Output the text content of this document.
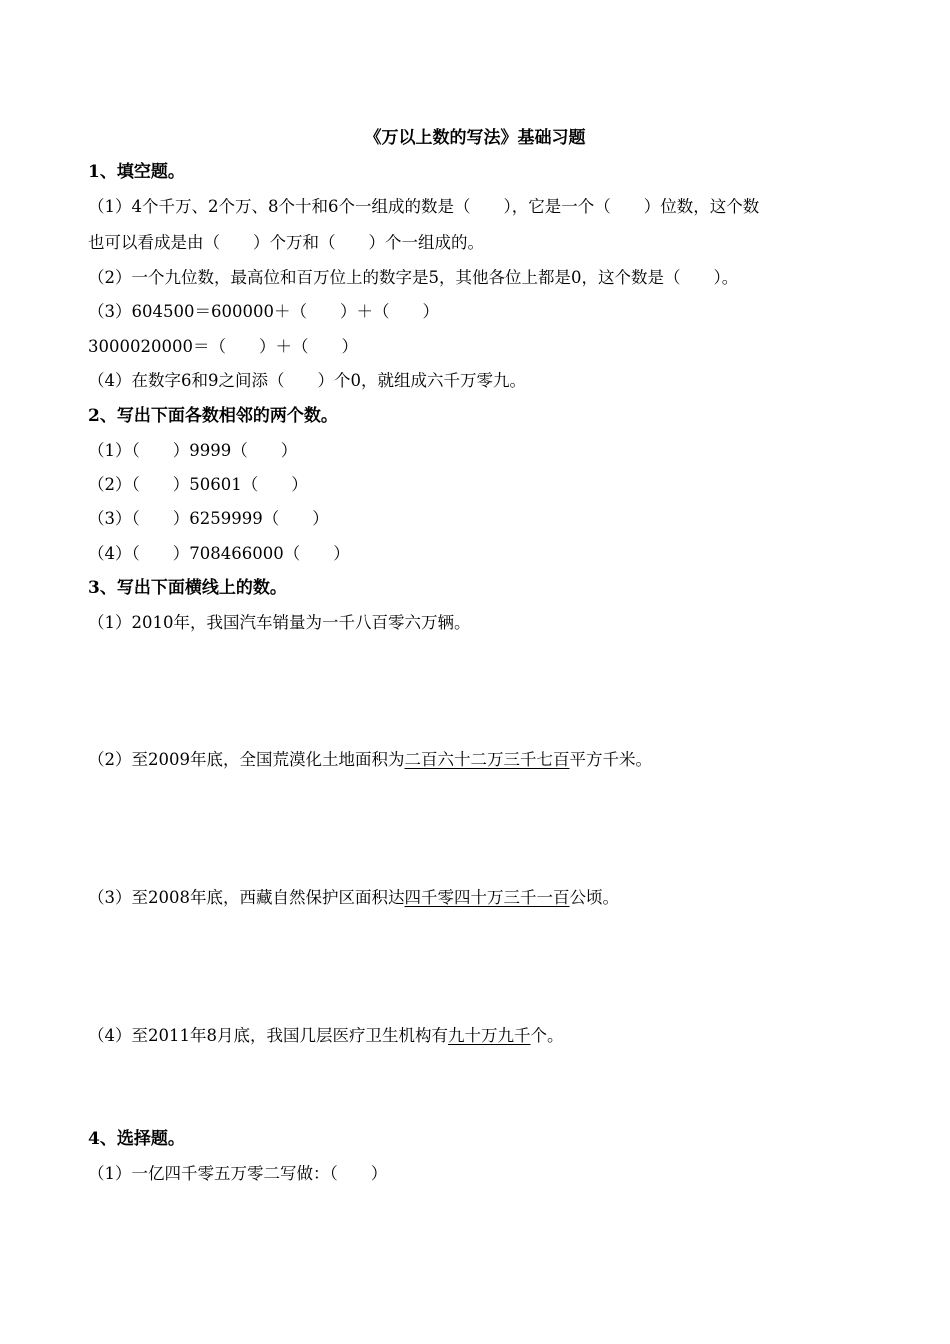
《万以上数的写法》基础习题
1、填空题。
（1）4个千万、2个万、8个十和6个一组成的数是（　　），它是一个（　　）位数，这个数
也可以看成是由（　　）个万和（　　）个一组成的。
（2）一个九位数，最高位和百万位上的数字是5，其他各位上都是0，这个数是（　　）。
（3）604500＝600000＋（　　）＋（　　）
3000020000＝（　　）＋（　　）
（4）在数字6和9之间添（　　）个0，就组成六千万零九。
2、写出下面各数相邻的两个数。
（1）（　　）9999（　　）
（2）（　　）50601（　　）
（3）（　　）6259999（　　）
（4）（　　）708466000（　　）
3、写出下面横线上的数。
（1）2010年，我国汽车销量为一千八百零六万辆。
（2）至2009年底，全国荒漠化土地面积为二百六十二万三千七百平方千米。
（3）至2008年底，西藏自然保护区面积达四千零四十万三千一百公顷。
（4）至2011年8月底，我国几层医疗卫生机构有九十万九千个。
4、选择题。
（1）一亿四千零五万零二写做：（　　）
